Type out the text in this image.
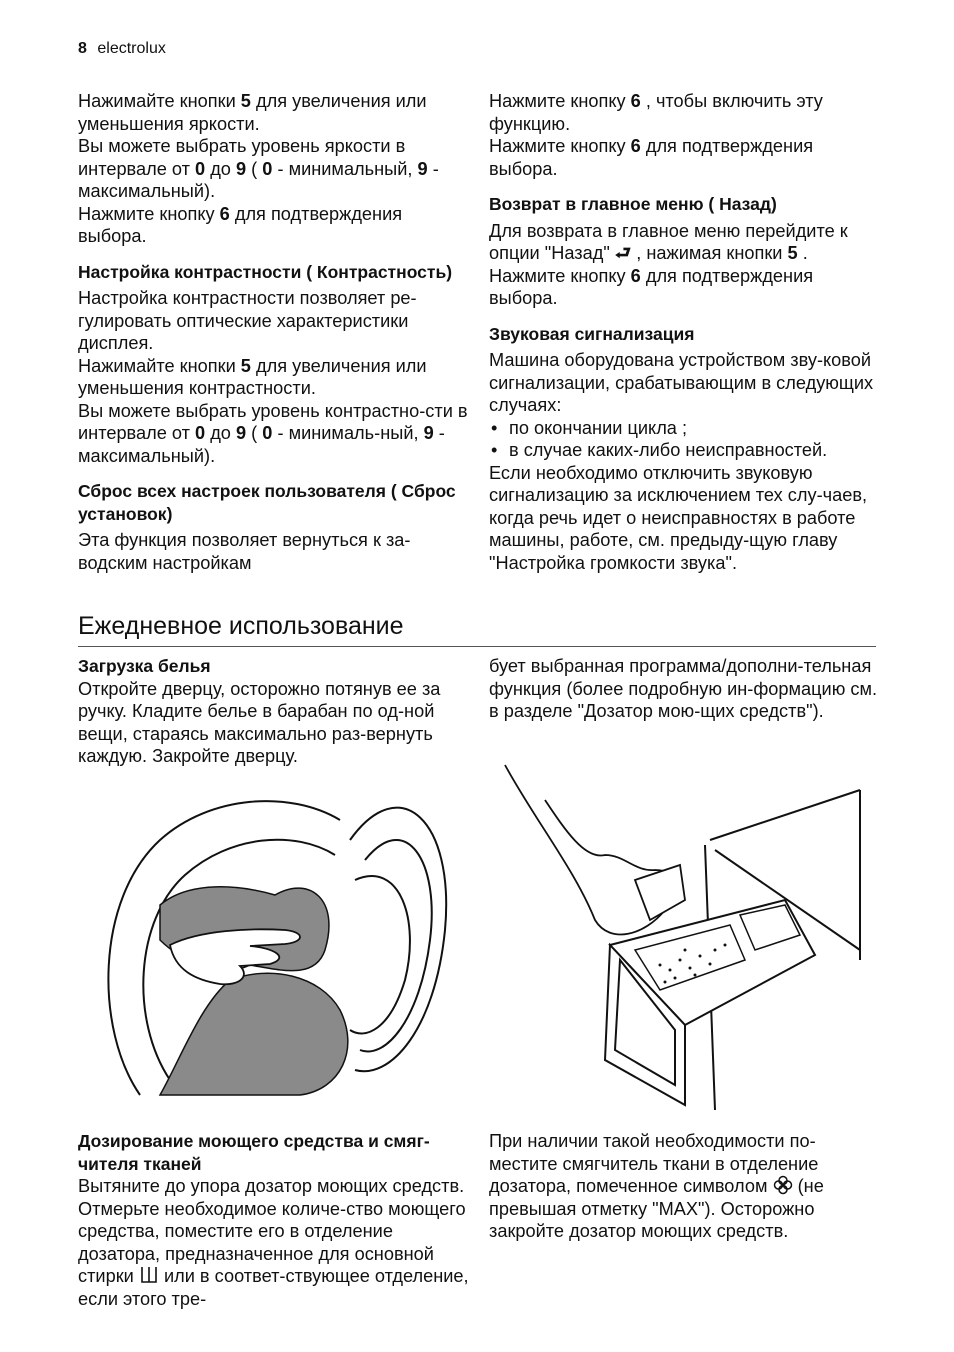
8 electrolux

Нажимайте кнопки 5 для увеличения или уменьшения яркости.

Вы можете выбрать уровень яркости в интервале от 0 до 9 ( 0 - минимальный, 9 - максимальный).

Нажмите кнопку 6 для подтверждения выбора.

Настройка контрастности ( Контрастность)

Настройка контрастности позволяет ре-гулировать оптические характеристики дисплея.

Нажимайте кнопки 5 для увеличения или уменьшения контрастности.

Вы можете выбрать уровень контрастно-сти в интервале от 0 до 9 ( 0 - минималь-ный, 9 - максимальный).

Сброс всех настроек пользователя ( Сброс установок)

Эта функция позволяет вернуться к за-водским настройкам

Нажмите кнопку 6 , чтобы включить эту функцию.

Нажмите кнопку 6 для подтверждения выбора.

Возврат в главное меню ( Назад)

Для возврата в главное меню перейдите к опции "Назад" ⮐ , нажимая кнопки 5 .

Нажмите кнопку 6 для подтверждения выбора.

Звуковая сигнализация

Машина оборудована устройством зву-ковой сигнализации, срабатывающим в следующих случаях:

• по окончании цикла ;
• в случае каких-либо неисправностей.

Если необходимо отключить звуковую сигнализацию за исключением тех слу-чаев, когда речь идет о неисправностях в работе машины, работе, см. предыду-щую главу "Настройка громкости звука".

Ежедневное использование
Загрузка белья

Откройте дверцу, осторожно потянув ее за ручку. Кладите белье в барабан по од-ной вещи, стараясь максимально раз-вернуть каждую. Закройте дверцу.

бует выбранная программа/дополни-тельная функция (более подробную ин-формацию см. в разделе "Дозатор мою-щих средств").

Дозирование моющего средства и смяг-чителя тканей

Вытяните до упора дозатор моющих средств. Отмерьте необходимое количе-ство моющего средства, поместите его в отделение дозатора, предназначенное для основной стирки или в соответ-ствующее отделение, если этого тре-

При наличии такой необходимости по-местите смягчитель ткани в отделение дозатора, помеченное символом (не превышая отметку "MAX"). Осторожно закройте дозатор моющих средств.
